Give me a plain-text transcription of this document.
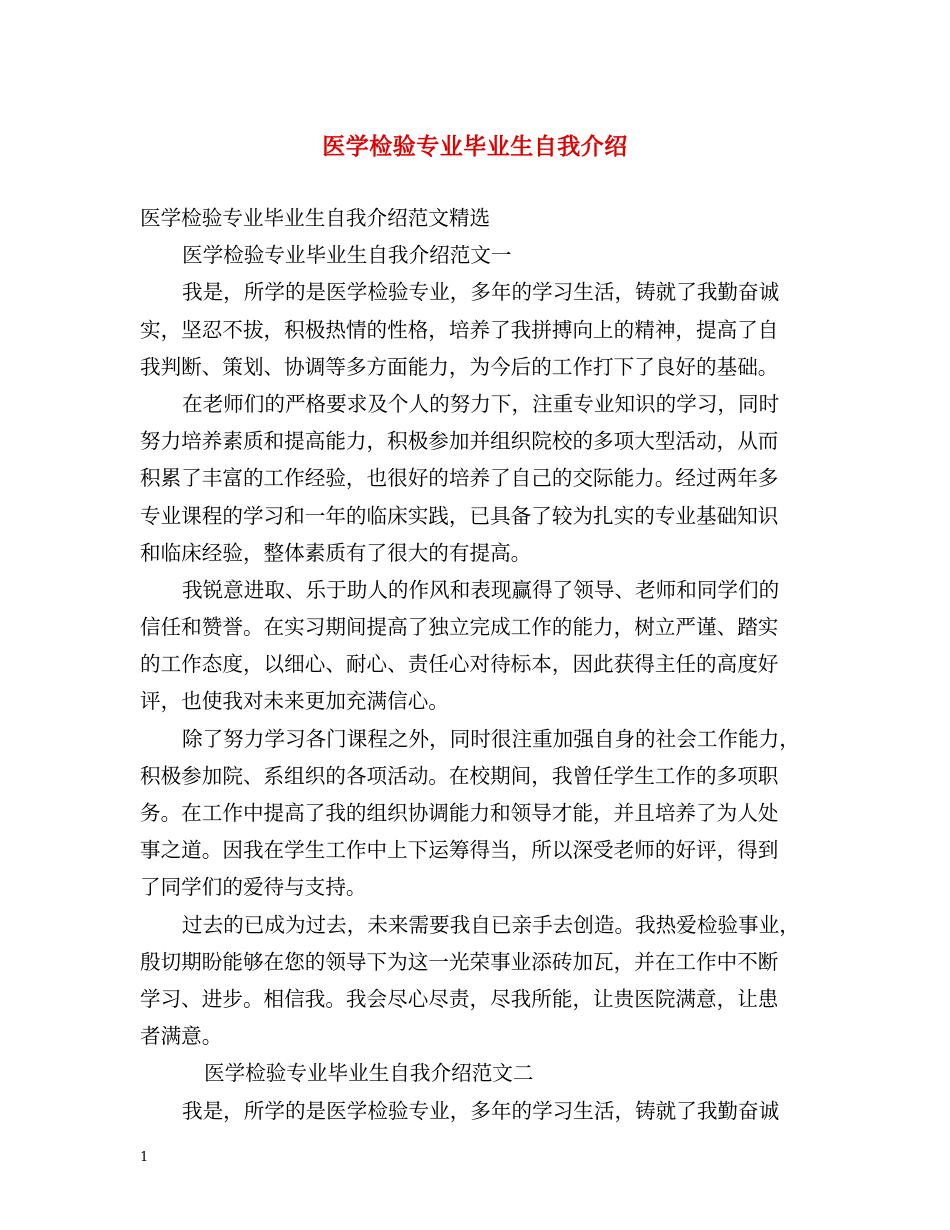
医学检验专业毕业生自我介绍
医学检验专业毕业生自我介绍范文精选
医学检验专业毕业生自我介绍范文一
我是，所学的是医学检验专业，多年的学习生活，铸就了我勤奋诚
实，坚忍不拔，积极热情的性格，培养了我拼搏向上的精神，提高了自
我判断、策划、协调等多方面能力，为今后的工作打下了良好的基础。
在老师们的严格要求及个人的努力下，注重专业知识的学习，同时
努力培养素质和提高能力，积极参加并组织院校的多项大型活动，从而
积累了丰富的工作经验，也很好的培养了自己的交际能力。经过两年多
专业课程的学习和一年的临床实践，已具备了较为扎实的专业基础知识
和临床经验，整体素质有了很大的有提高。
我锐意进取、乐于助人的作风和表现赢得了领导、老师和同学们的
信任和赞誉。在实习期间提高了独立完成工作的能力，树立严谨、踏实
的工作态度，以细心、耐心、责任心对待标本，因此获得主任的高度好
评，也使我对未来更加充满信心。
除了努力学习各门课程之外，同时很注重加强自身的社会工作能力，
积极参加院、系组织的各项活动。在校期间，我曾任学生工作的多项职
务。在工作中提高了我的组织协调能力和领导才能，并且培养了为人处
事之道。因我在学生工作中上下运筹得当，所以深受老师的好评，得到
了同学们的爱待与支持。
过去的已成为过去，未来需要我自已亲手去创造。我热爱检验事业，
殷切期盼能够在您的领导下为这一光荣事业添砖加瓦，并在工作中不断
学习、进步。相信我。我会尽心尽责，尽我所能，让贵医院满意，让患
者满意。
医学检验专业毕业生自我介绍范文二
我是，所学的是医学检验专业，多年的学习生活，铸就了我勤奋诚
1
